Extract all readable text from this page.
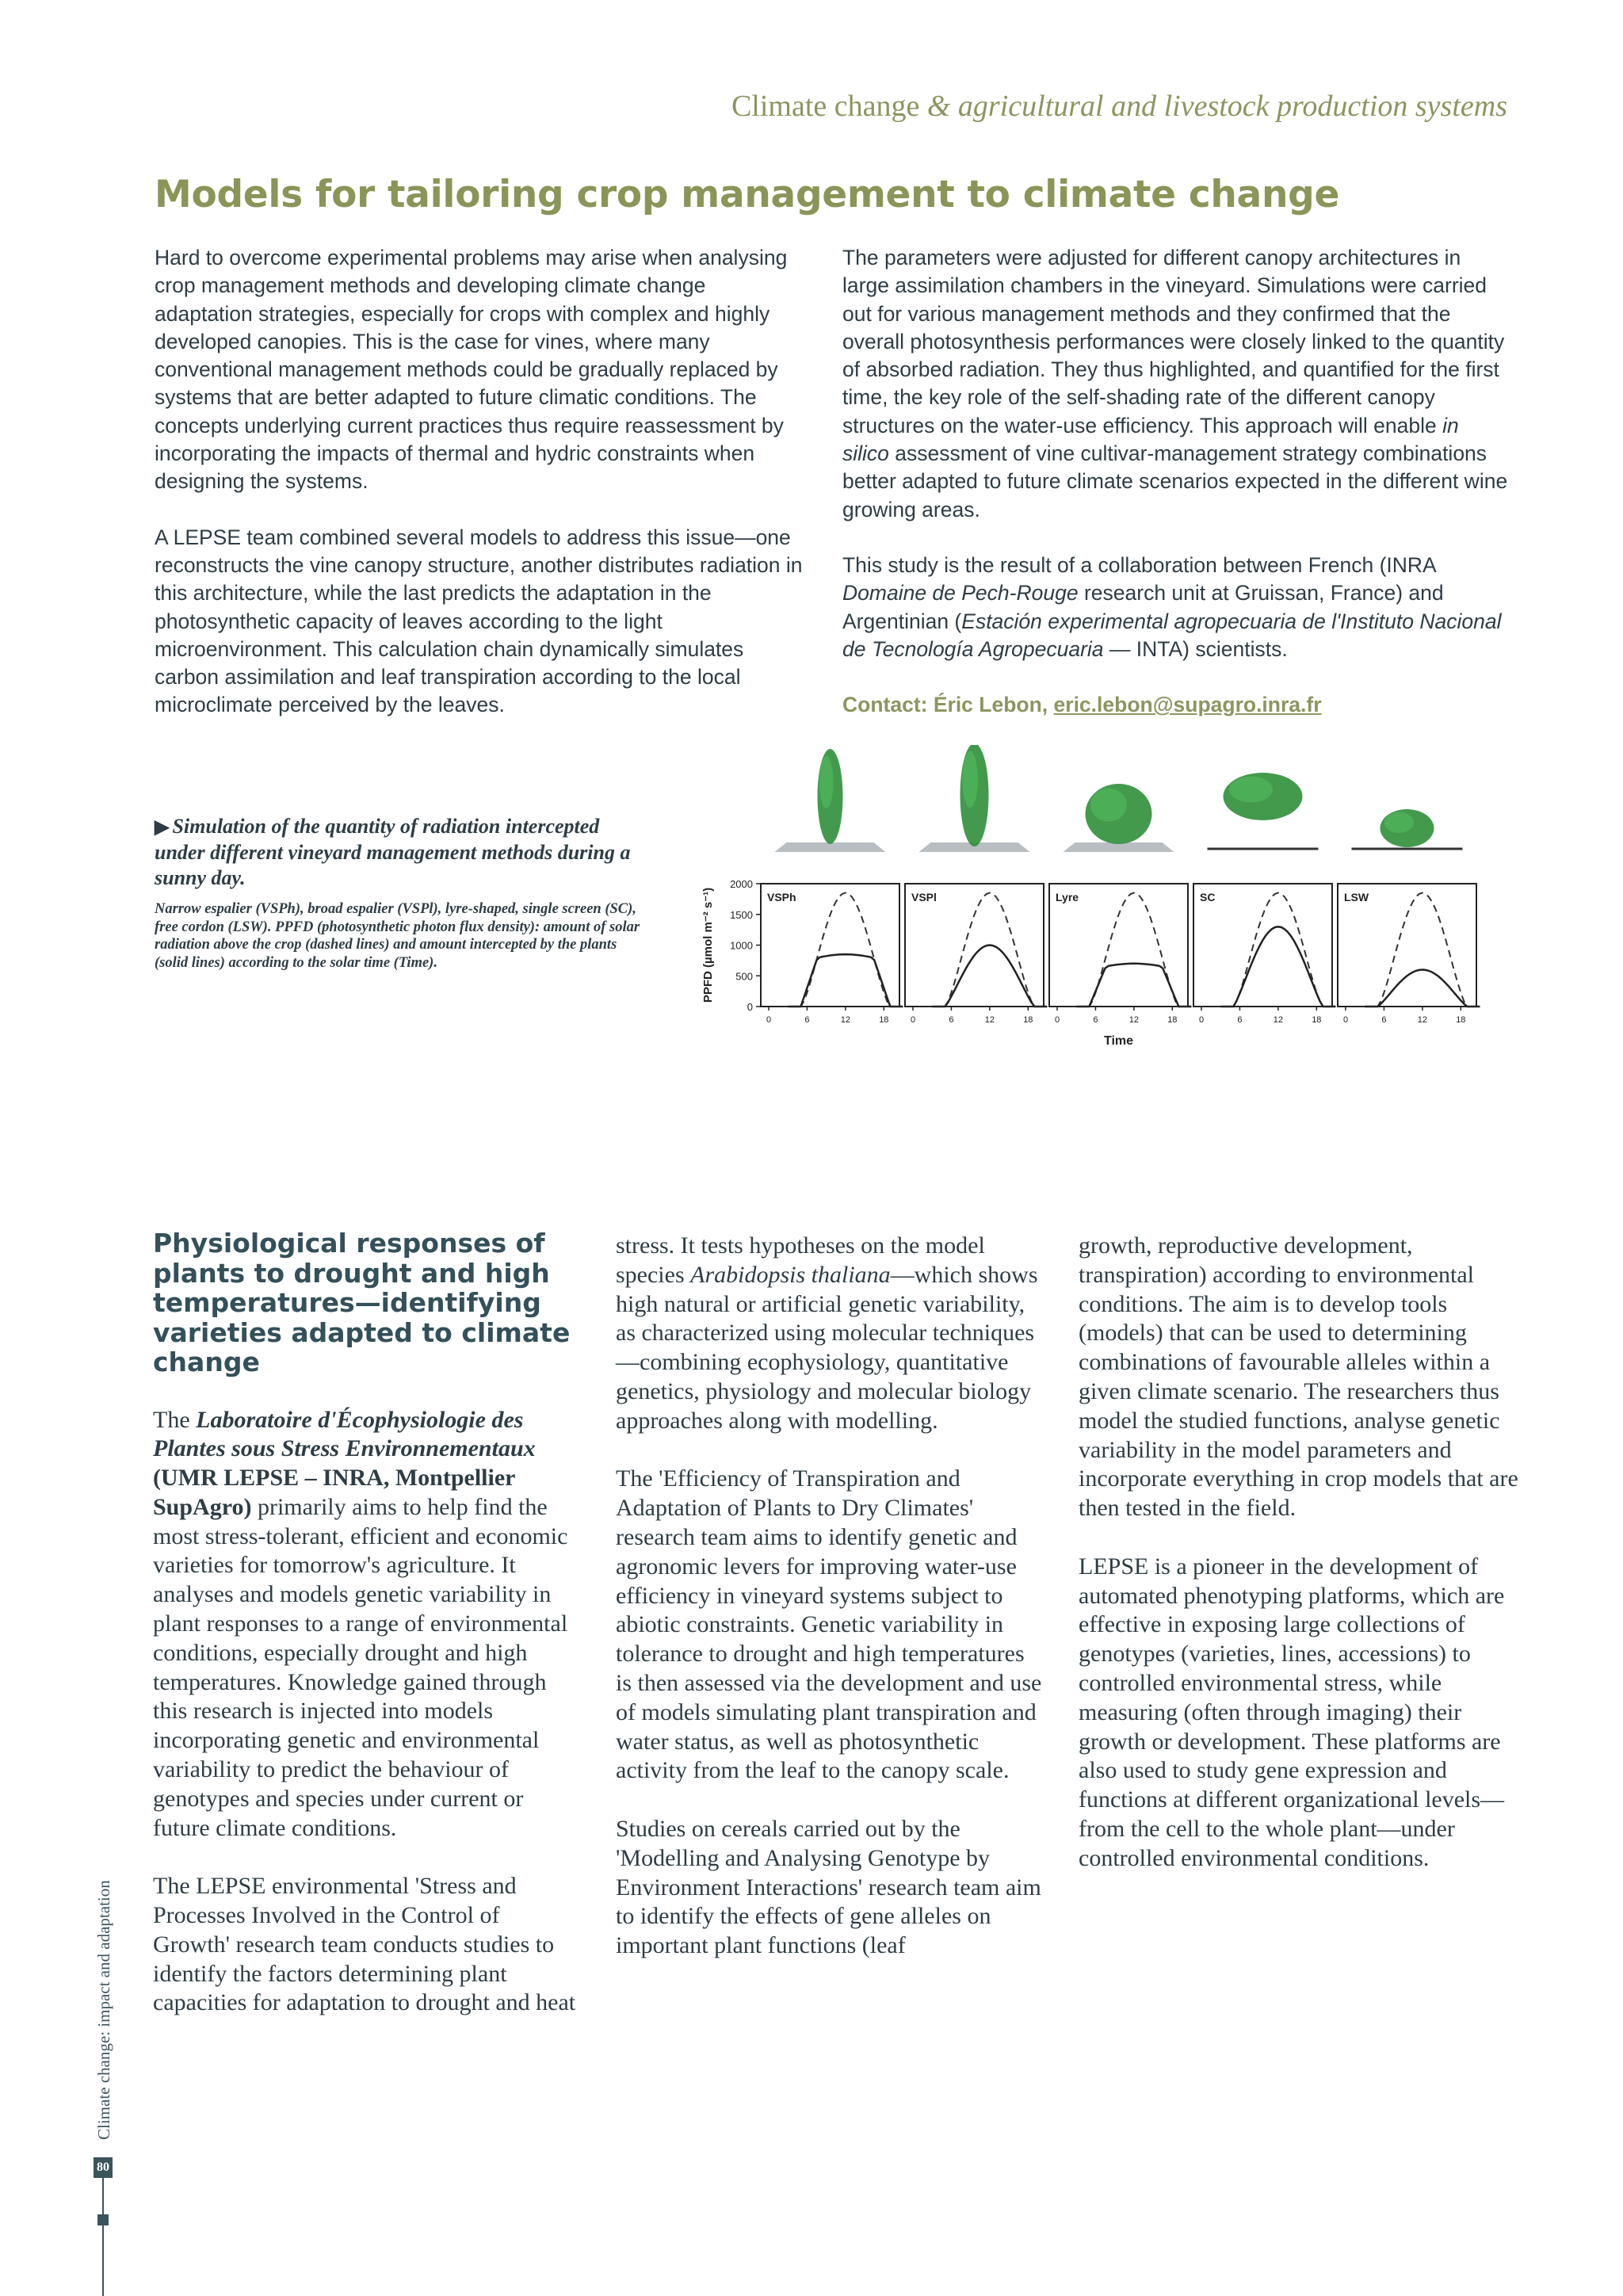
Climate change & agricultural and livestock production systems
Models for tailoring crop management to climate change

Hard to overcome experimental problems may arise when analysing crop management methods and developing climate change adaptation strategies, especially for crops with complex and highly developed canopies. This is the case for vines, where many conventional management methods could be gradually replaced by systems that are better adapted to future climatic conditions. The concepts underlying current practices thus require reassessment by incorporating the impacts of thermal and hydric constraints when designing the systems.

A LEPSE team combined several models to address this issue—one reconstructs the vine canopy structure, another distributes radiation in this architecture, while the last predicts the adaptation in the photosynthetic capacity of leaves according to the light microenvironment. This calculation chain dynamically simulates carbon assimilation and leaf transpiration according to the local microclimate perceived by the leaves.

The parameters were adjusted for different canopy architectures in large assimilation chambers in the vineyard. Simulations were carried out for various management methods and they confirmed that the overall photosynthesis performances were closely linked to the quantity of absorbed radiation. They thus highlighted, and quantified for the first time, the key role of the self-shading rate of the different canopy structures on the water-use efficiency. This approach will enable in silico assessment of vine cultivar-management strategy combinations better adapted to future climate scenarios expected in the different wine growing areas.

This study is the result of a collaboration between French (INRA Domaine de Pech-Rouge research unit at Gruissan, France) and Argentinian (Estación experimental agropecuaria de l'Instituto Nacional de Tecnología Agropecuaria — INTA) scientists.

Contact: Éric Lebon, eric.lebon@supagro.inra.fr

▶ Simulation of the quantity of radiation intercepted under different vineyard management methods during a sunny day.
Narrow espalier (VSPh), broad espalier (VSPl), lyre-shaped, single screen (SC), free cordon (LSW). PPFD (photosynthetic photon flux density): amount of solar radiation above the crop (dashed lines) and amount intercepted by the plants (solid lines) according to the solar time (Time).
0
500
1000
1500
2000
PPFD (µmol m⁻² s⁻¹)
Time
VSPh
0	6	12	18
VSPl
0	6	12	18
Lyre
0	6	12	18
SC
0	6	12	18
LSW
0	6	12	18
Physiological responses of plants to drought and high temperatures—identifying varieties adapted to climate change

The Laboratoire d'Écophysiologie des Plantes sous Stress Environnementaux (UMR LEPSE – INRA, Montpellier SupAgro) primarily aims to help find the most stress-tolerant, efficient and economic varieties for tomorrow's agriculture. It analyses and models genetic variability in plant responses to a range of environmental conditions, especially drought and high temperatures. Knowledge gained through this research is injected into models incorporating genetic and environmental variability to predict the behaviour of genotypes and species under current or future climate conditions.

The LEPSE environmental 'Stress and Processes Involved in the Control of Growth' research team conducts studies to identify the factors determining plant capacities for adaptation to drought and heat

stress. It tests hypotheses on the model species Arabidopsis thaliana—which shows high natural or artificial genetic variability, as characterized using molecular techniques—combining ecophysiology, quantitative genetics, physiology and molecular biology approaches along with modelling.

The 'Efficiency of Transpiration and Adaptation of Plants to Dry Climates' research team aims to identify genetic and agronomic levers for improving water-use efficiency in vineyard systems subject to abiotic constraints. Genetic variability in tolerance to drought and high temperatures is then assessed via the development and use of models simulating plant transpiration and water status, as well as photosynthetic activity from the leaf to the canopy scale.

Studies on cereals carried out by the 'Modelling and Analysing Genotype by Environment Interactions' research team aim to identify the effects of gene alleles on important plant functions (leaf

growth, reproductive development, transpiration) according to environmental conditions. The aim is to develop tools (models) that can be used to determining combinations of favourable alleles within a given climate scenario. The researchers thus model the studied functions, analyse genetic variability in the model parameters and incorporate everything in crop models that are then tested in the field.

LEPSE is a pioneer in the development of automated phenotyping platforms, which are effective in exposing large collections of genotypes (varieties, lines, accessions) to controlled environmental stress, while measuring (often through imaging) their growth or development. These platforms are also used to study gene expression and functions at different organizational levels—from the cell to the whole plant—under controlled environmental conditions.

Climate change: impact and adaptation
80
